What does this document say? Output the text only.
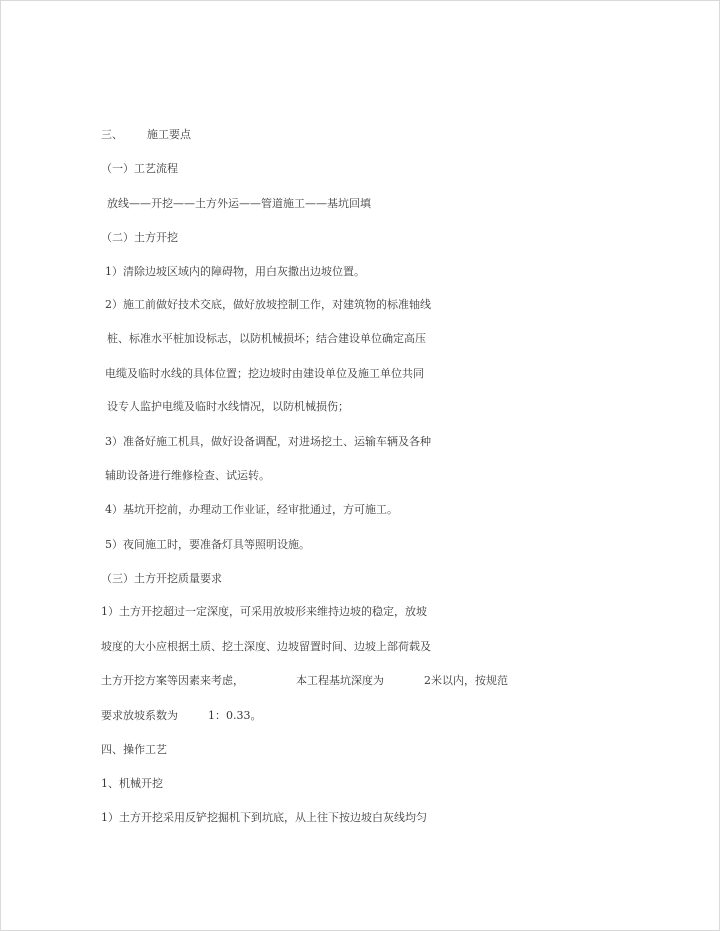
三、 施工要点
（一）工艺流程
放线——开挖——土方外运——管道施工——基坑回填
（二）土方开挖
1）清除边坡区域内的障碍物，用白灰撒出边坡位置。
2）施工前做好技术交底，做好放坡控制工作，对建筑物的标准轴线
桩、标准水平桩加设标志，以防机械损坏；结合建设单位确定高压
电缆及临时水线的具体位置；挖边坡时由建设单位及施工单位共同
设专人监护电缆及临时水线情况，以防机械损伤；
3）准备好施工机具，做好设备调配，对进场挖土、运输车辆及各种
辅助设备进行维修检查、试运转。
4）基坑开挖前，办理动工作业证，经审批通过，方可施工。
5）夜间施工时，要准备灯具等照明设施。
（三）土方开挖质量要求
1）土方开挖超过一定深度，可采用放坡形来维持边坡的稳定，放坡
坡度的大小应根据土质、挖土深度、边坡留置时间、边坡上部荷载及
土方开挖方案等因素来考虑，	本工程基坑深度为	2米以内，按规范
要求放坡系数为	1：0.33。
四、操作工艺
1、机械开挖
1）土方开挖采用反铲挖掘机下到坑底，从上往下按边坡白灰线均匀
